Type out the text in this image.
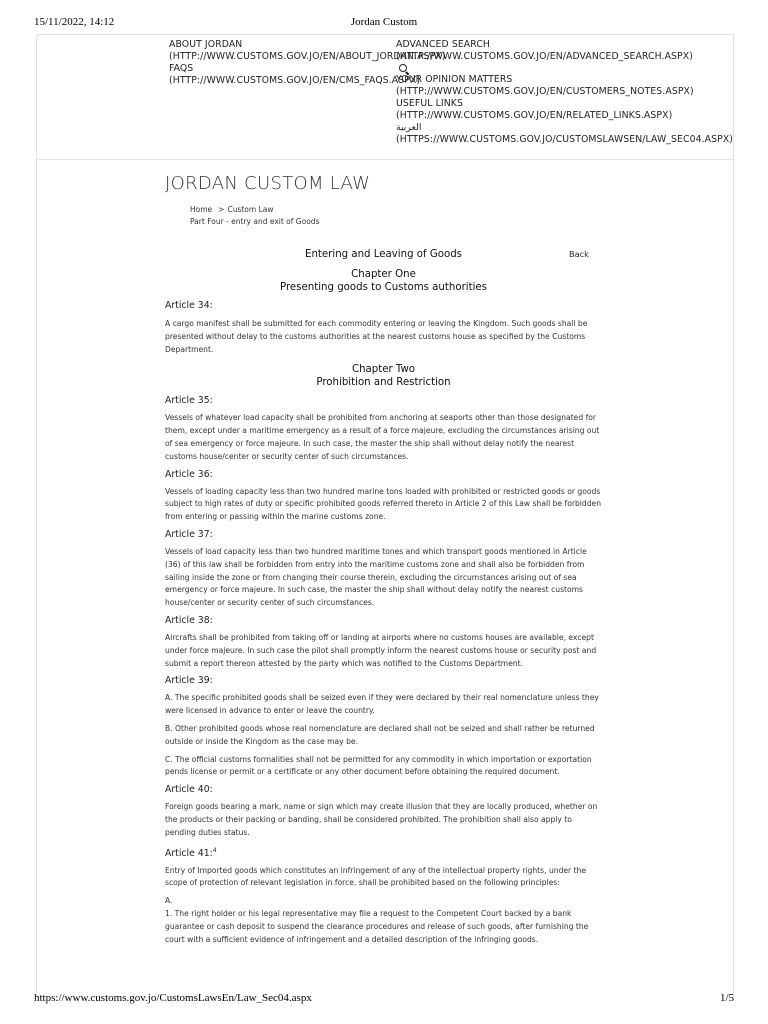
15/11/2022, 14:12	Jordan Custom
ABOUT JORDAN
(HTTP://WWW.CUSTOMS.GOV.JO/EN/ABOUT_JORDAN.ASPX)
FAQS
(HTTP://WWW.CUSTOMS.GOV.JO/EN/CMS_FAQS.ASPX)
ADVANCED SEARCH
(HTTP://WWW.CUSTOMS.GOV.JO/EN/ADVANCED_SEARCH.ASPX)
YOUR OPINION MATTERS
(HTTP://WWW.CUSTOMS.GOV.JO/EN/CUSTOMERS_NOTES.ASPX)
USEFUL LINKS
(HTTP://WWW.CUSTOMS.GOV.JO/EN/RELATED_LINKS.ASPX)
العربية
(HTTPS://WWW.CUSTOMS.GOV.JO/CUSTOMSLAWSEN/LAW_SEC04.ASPX)
JORDAN CUSTOM LAW
Home > Custom Law
Part Four - entry and exit of Goods
Back

Entering and Leaving of Goods

Chapter One

Presenting goods to Customs authorities

Article 34:

A cargo manifest shall be submitted for each commodity entering or leaving the Kingdom. Such goods shall be presented without delay to the customs authorities at the nearest customs house as specified by the Customs Department.

Chapter Two

Prohibition and Restriction

Article 35:

Vessels of whatever load capacity shall be prohibited from anchoring at seaports other than those designated for them, except under a maritime emergency as a result of a force majeure, excluding the circumstances arising out of sea emergency or force majeure. In such case, the master the ship shall without delay notify the nearest customs house/center or security center of such circumstances.

Article 36:

Vessels of loading capacity less than two hundred marine tons loaded with prohibited or restricted goods or goods subject to high rates of duty or specific prohibited goods referred thereto in Article 2 of this Law shall be forbidden from entering or passing within the marine customs zone.

Article 37:

Vessels of load capacity less than two hundred maritime tones and which transport goods mentioned in Article (36) of this law shall be forbidden from entry into the maritime customs zone and shall also be forbidden from sailing inside the zone or from changing their course therein, excluding the circumstances arising out of sea emergency or force majeure. In such case, the master the ship shall without delay notify the nearest customs house/center or security center of such circumstances.

Article 38:

Aircrafts shall be prohibited from taking off or landing at airports where no customs houses are available, except under force majeure. In such case the pilot shall promptly inform the nearest customs house or security post and submit a report thereon attested by the party which was notified to the Customs Department.

Article 39:

A. The specific prohibited goods shall be seized even if they were declared by their real nomenclature unless they were licensed in advance to enter or leave the country.

B. Other prohibited goods whose real nomenclature are declared shall not be seized and shall rather be returned outside or inside the Kingdom as the case may be.

C. The official customs formalities shall not be permitted for any commodity in which importation or exportation pends license or permit or a certificate or any other document before obtaining the required document.

Article 40:

Foreign goods bearing a mark, name or sign which may create illusion that they are locally produced, whether on the products or their packing or banding, shall be considered prohibited. The prohibition shall also apply to pending duties status.

Article 41:$^4$

Entry of Imported goods which constitutes an infringement of any of the intellectual property rights, under the scope of protection of relevant legislation in force, shall be prohibited based on the following principles:

A.

1. The right holder or his legal representative may file a request to the Competent Court backed by a bank guarantee or cash deposit to suspend the clearance procedures and release of such goods, after furnishing the court with a sufficient evidence of infringement and a detailed description of the infringing goods.

https://www.customs.gov.jo/CustomsLawsEn/Law_Sec04.aspx	1/5
